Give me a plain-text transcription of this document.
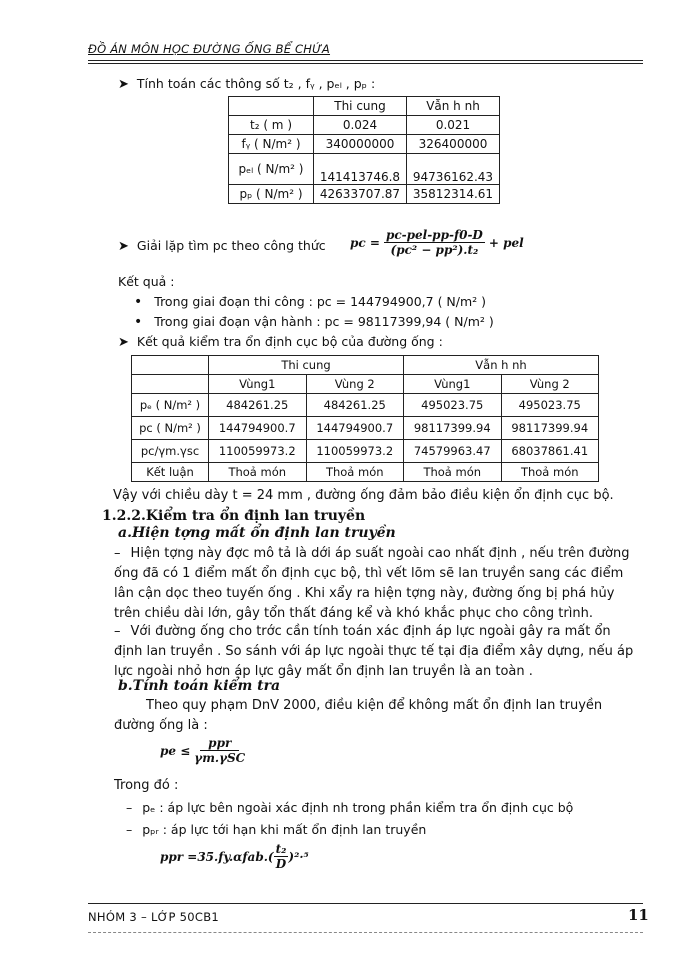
ĐỒ ÁN MÔN HỌC ĐƯỜNG ỐNG BỂ CHỨA
➤ Tính toán các thông số t₂ , fᵧ , pₑₗ , pₚ :
	Thi cung	Vẫn h nh
t₂ ( m )	0.024	0.021
fᵧ ( N/m² )	340000000	326400000
pₑₗ ( N/m² )	141413746.8	94736162.43
pₚ ( N/m² )	42633707.87	35812314.61
➤ Giải lặp tìm pc theo công thức pc =
pc-pel-pp-f0-D
(pc² − pp²).t₂
+ pel
Kết quả :
• Trong giai đoạn thi công : pc = 144794900,7 ( N/m² )
• Trong giai đoạn vận hành : pc = 98117399,94 ( N/m² )
➤ Kết quả kiểm tra ổn định cục bộ của đường ống :
	Thi cung		Vẫn h nh	
	Vùng1	Vùng 2	Vùng1	Vùng 2
pₑ ( N/m² )	484261.25	484261.25	495023.75	495023.75
pc ( N/m² )	144794900.7	144794900.7	98117399.94	98117399.94
pc/γm.γsc	110059973.2	110059973.2	74579963.47	68037861.41
Kết luận	Thoả món	Thoả món	Thoả món	Thoả món
Vậy với chiều dày t = 24 mm , đường ống đảm bảo điều kiện ổn định cục bộ.
1.2.2.Kiểm tra ổn định lan truyền
a.Hiện tợng mất ổn định lan truyền
– Hiện tợng này đợc mô tả là dới áp suất ngoài cao nhất định , nếu trên đường ống đã có 1 điểm mất ổn định cục bộ, thì vết lõm sẽ lan truyền sang các điểm lân cận dọc theo tuyến ống . Khi xẩy ra hiện tợng này, đường ống bị phá hủy trên chiều dài lớn, gây tổn thất đáng kể và khó khắc phục cho công trình.
– Với đường ống cho trớc cần tính toán xác định áp lực ngoài gây ra mất ổn định lan truyền . So sánh với áp lực ngoài thực tế tại địa điểm xây dựng, nếu áp lực ngoài nhỏ hơn áp lực gây mất ổn định lan truyền là an toàn .
b.Tính toán kiểm tra
Theo quy phạm DnV 2000, điều kiện để không mất ổn định lan truyền đường ống là :
pe ≤
ppr
γm.γSC
Trong đó :
– pₑ : áp lực bên ngoài xác định nh trong phần kiểm tra ổn định cục bộ
– pₚᵣ : áp lực tới hạn khi mất ổn định lan truyền
ppr =35.fy.αfab.(
t₂
D
)²·⁵
NHÓM 3 – LỚP 50CB1	11
